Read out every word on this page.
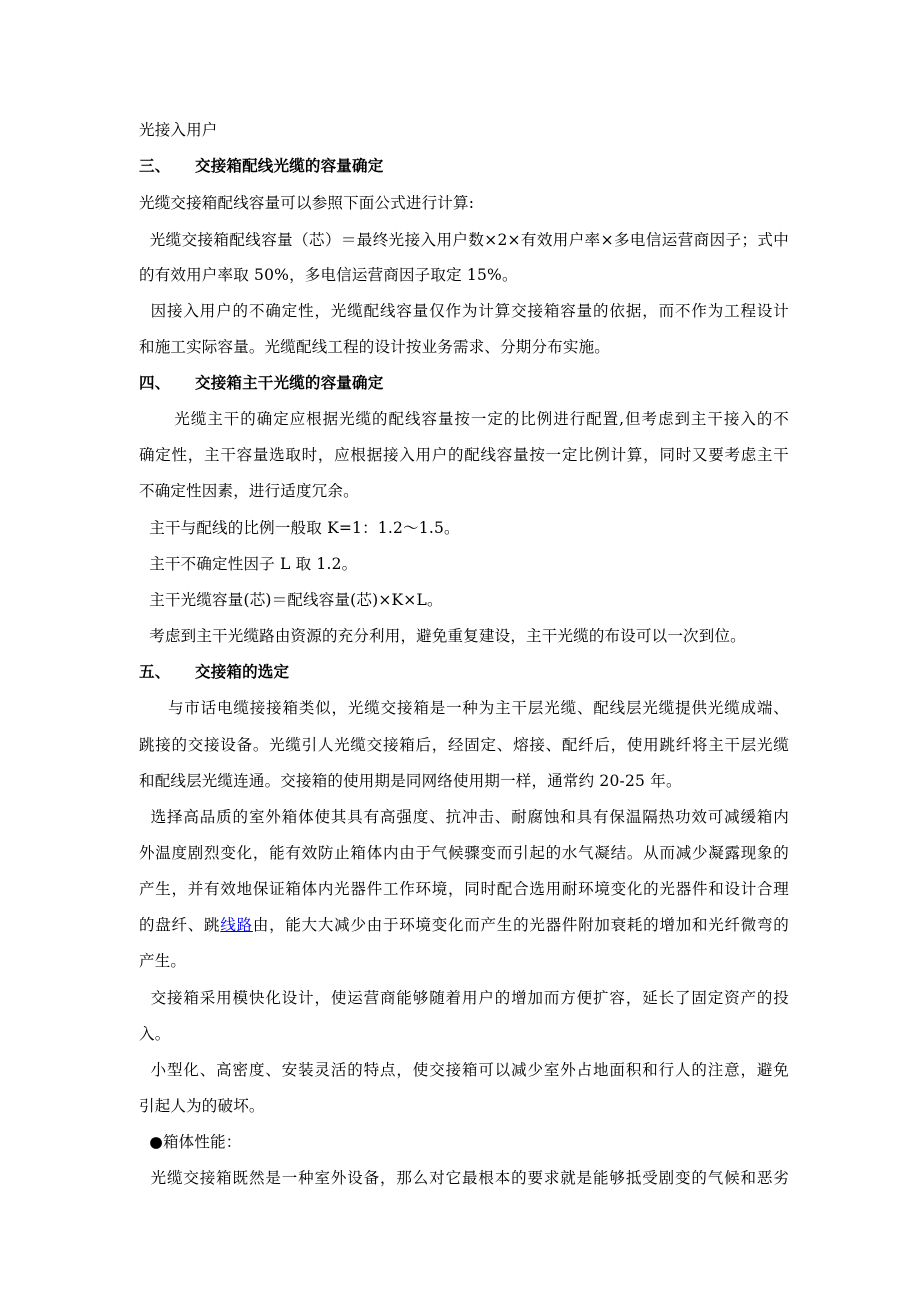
光接入用户
三、 交接箱配线光缆的容量确定
光缆交接箱配线容量可以参照下面公式进行计算:
光缆交接箱配线容量（芯）＝最终光接入用户数×2×有效用户率×多电信运营商因子；式中
的有效用户率取 50%，多电信运营商因子取定 15%。
因接入用户的不确定性，光缆配线容量仅作为计算交接箱容量的依据，而不作为工程设计
和施工实际容量。光缆配线工程的设计按业务需求、分期分布实施。
四、 交接箱主干光缆的容量确定
光缆主干的确定应根据光缆的配线容量按一定的比例进行配置,但考虑到主干接入的不
确定性，主干容量选取时，应根据接入用户的配线容量按一定比例计算，同时又要考虑主干
不确定性因素，进行适度冗余。
主干与配线的比例一般取 K=1：1.2～1.5。
主干不确定性因子 L 取 1.2。
主干光缆容量(芯)＝配线容量(芯)×K×L。
考虑到主干光缆路由资源的充分利用，避免重复建设，主干光缆的布设可以一次到位。
五、 交接箱的选定
与市话电缆接接箱类似，光缆交接箱是一种为主干层光缆、配线层光缆提供光缆成端、
跳接的交接设备。光缆引人光缆交接箱后，经固定、熔接、配纤后，使用跳纤将主干层光缆
和配线层光缆连通。交接箱的使用期是同网络使用期一样，通常约 20-25 年。
选择高品质的室外箱体使其具有高强度、抗冲击、耐腐蚀和具有保温隔热功效可减缓箱内
外温度剧烈变化，能有效防止箱体内由于气候骤变而引起的水气凝结。从而减少凝露现象的
产生，并有效地保证箱体内光器件工作环境，同时配合选用耐环境变化的光器件和设计合理
的盘纤、跳线路由，能大大减少由于环境变化而产生的光器件附加衰耗的增加和光纤微弯的
产生。
交接箱采用模快化设计，使运营商能够随着用户的增加而方便扩容，延长了固定资产的投
入。
小型化、高密度、安装灵活的特点，使交接箱可以减少室外占地面积和行人的注意，避免
引起人为的破坏。
●箱体性能：
光缆交接箱既然是一种室外设备，那么对它最根本的要求就是能够抵受剧变的气候和恶劣
